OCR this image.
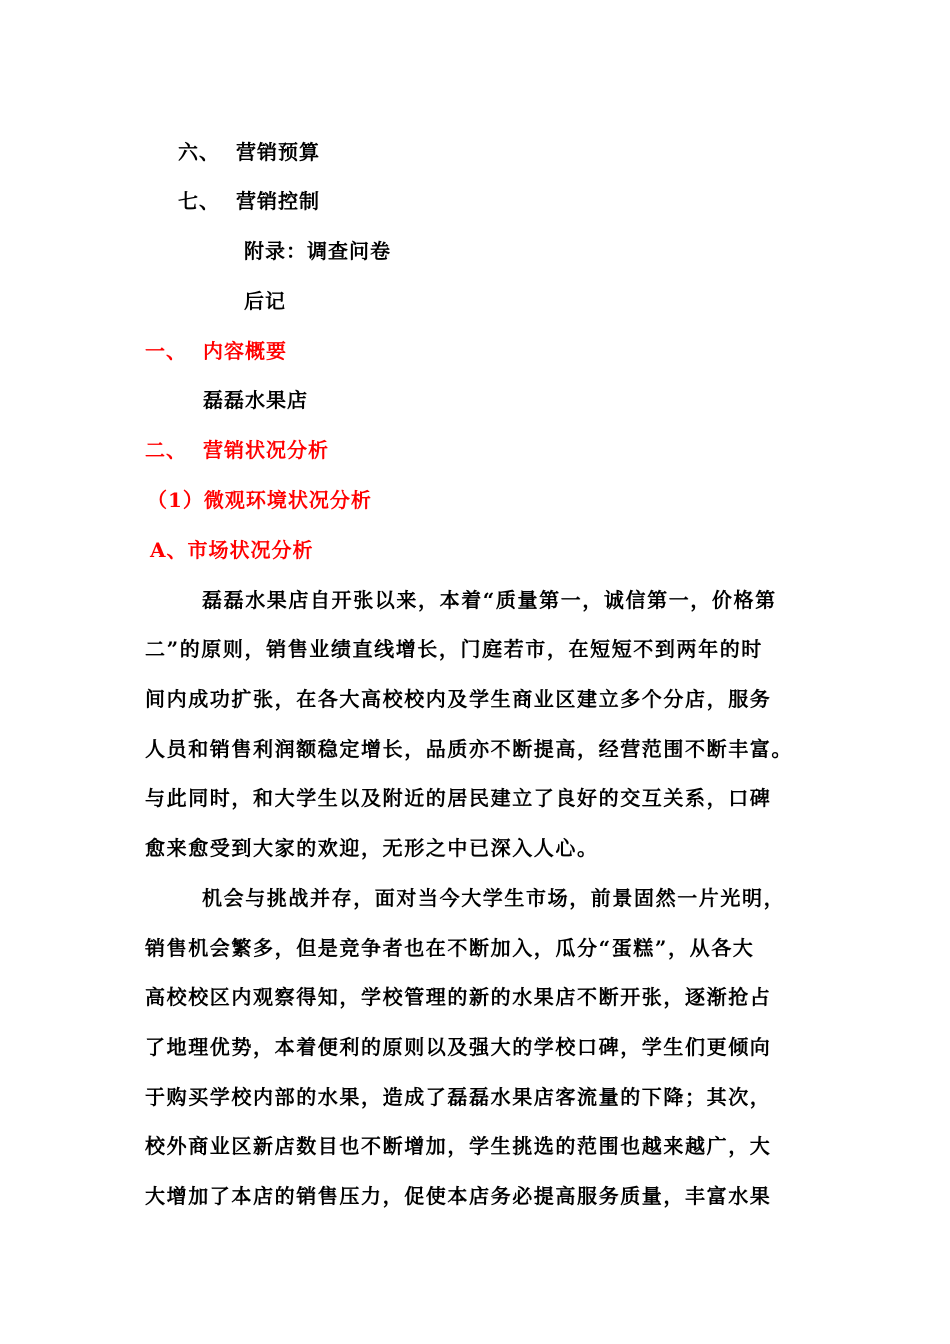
六、 营销预算
七、 营销控制
附录：调查问卷
后记
一、 内容概要
磊磊水果店
二、 营销状况分析
（1）微观环境状况分析
A、市场状况分析
磊磊水果店自开张以来，本着“质量第一，诚信第一，价格第
二”的原则，销售业绩直线增长，门庭若市，在短短不到两年的时
间内成功扩张，在各大高校校内及学生商业区建立多个分店，服务
人员和销售利润额稳定增长，品质亦不断提高，经营范围不断丰富。
与此同时，和大学生以及附近的居民建立了良好的交互关系，口碑
愈来愈受到大家的欢迎，无形之中已深入人心。
机会与挑战并存，面对当今大学生市场，前景固然一片光明，
销售机会繁多，但是竞争者也在不断加入，瓜分“蛋糕”，从各大
高校校区内观察得知，学校管理的新的水果店不断开张，逐渐抢占
了地理优势，本着便利的原则以及强大的学校口碑，学生们更倾向
于购买学校内部的水果，造成了磊磊水果店客流量的下降；其次，
校外商业区新店数目也不断增加，学生挑选的范围也越来越广，大
大增加了本店的销售压力，促使本店务必提高服务质量，丰富水果
